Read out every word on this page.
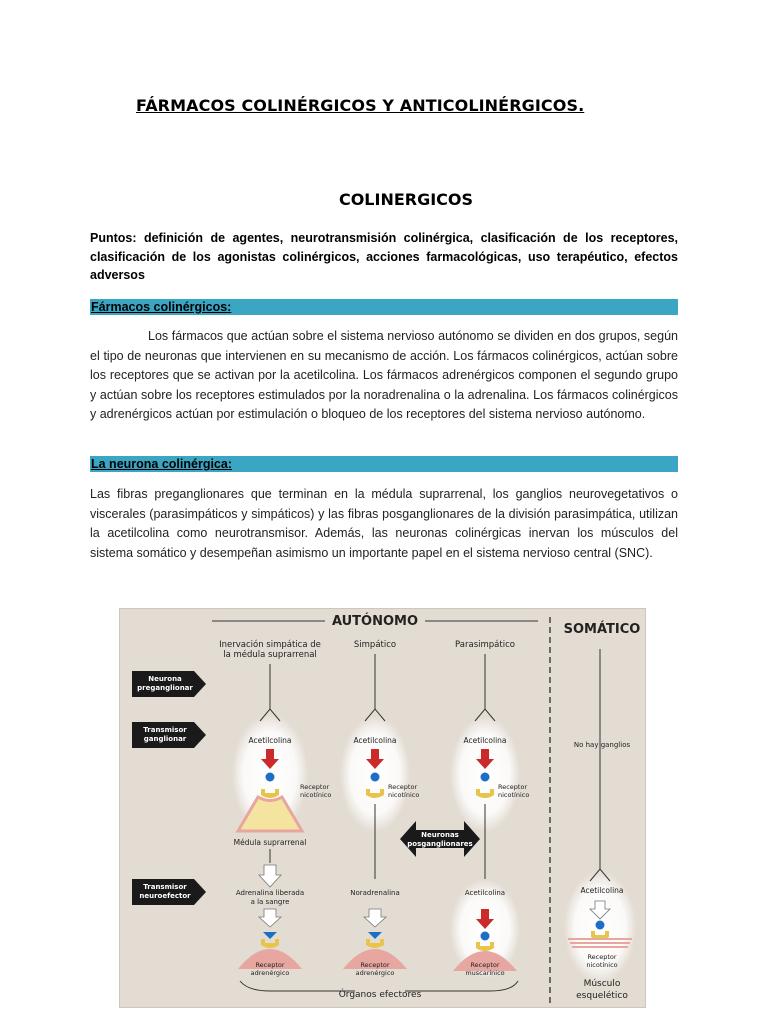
FÁRMACOS COLINÉRGICOS Y ANTICOLINÉRGICOS.
COLINERGICOS
Puntos: definición de agentes, neurotransmisión colinérgica, clasificación de los receptores, clasificación de los agonistas colinérgicos, acciones farmacológicas, uso terapéutico, efectos adversos
Fármacos colinérgicos:
Los fármacos que actúan sobre el sistema nervioso autónomo se dividen en dos grupos, según el tipo de neuronas que intervienen en su mecanismo de acción. Los fármacos colinérgicos, actúan sobre los receptores que se activan por la acetilcolina. Los fármacos adrenérgicos componen el segundo grupo y actúan sobre los receptores estimulados por la noradrenalina o la adrenalina. Los fármacos colinérgicos y adrenérgicos actúan por estimulación o bloqueo de los receptores del sistema nervioso autónomo.
La neurona colinérgica:
Las fibras preganglionares que terminan en la médula suprarrenal, los ganglios neurovegetativos o viscerales (parasimpáticos y simpáticos) y las fibras posganglionares de la división parasimpática, utilizan la acetilcolina como neurotransmisor. Además, las neuronas colinérgicas inervan los músculos del sistema somático y desempeñan asimismo un importante papel en el sistema nervioso central (SNC).
AUTÓNOMO
SOMÁTICO
Inervación simpática de
la médula suprarrenal
Simpático	Parasimpático
Neurona
preganglionar
Transmisor
ganglionar
Transmisor
neuroefector
Acetilcolina
Receptor
nicotínico
Médula suprarrenal
Adrenalina liberada
a la sangre
Receptor
adrenérgico
Acetilcolina
Receptor
nicotínico
Noradrenalina
Receptor
adrenérgico
Neuronas
posganglionares
Acetilcolina
Receptor
nicotínico
Acetilcolina
Receptor
muscarínico
Órganos efectores
No hay ganglios
Acetilcolina
Receptor
nicotínico
Músculo
esquelético
